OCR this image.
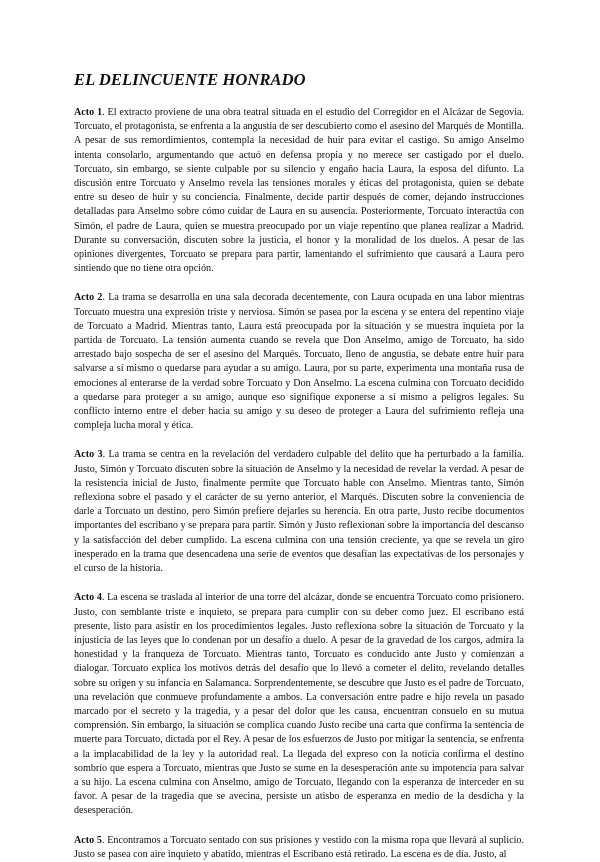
EL DELINCUENTE HONRADO

Acto 1. El extracto proviene de una obra teatral situada en el estudio del Corregidor en el Alcázar de Segovia. Torcuato, el protagonista, se enfrenta a la angustia de ser descubierto como el asesino del Marqués de Montilla. A pesar de sus remordimientos, contempla la necesidad de huir para evitar el castigo. Su amigo Anselmo intenta consolarlo, argumentando que actuó en defensa propia y no merece ser castigado por el duelo. Torcuato, sin embargo, se siente culpable por su silencio y engaño hacia Laura, la esposa del difunto. La discusión entre Torcuato y Anselmo revela las tensiones morales y éticas del protagonista, quien se debate entre su deseo de huir y su conciencia. Finalmente, decide partir después de comer, dejando instrucciones detalladas para Anselmo sobre cómo cuidar de Laura en su ausencia. Posteriormente, Torcuato interactúa con Simón, el padre de Laura, quien se muestra preocupado por un viaje repentino que planea realizar a Madrid. Durante su conversación, discuten sobre la justicia, el honor y la moralidad de los duelos. A pesar de las opiniones divergentes, Torcuato se prepara para partir, lamentando el sufrimiento que causará a Laura pero sintiendo que no tiene otra opción.

Acto 2. La trama se desarrolla en una sala decorada decentemente, con Laura ocupada en una labor mientras Torcuato muestra una expresión triste y nerviosa. Simón se pasea por la escena y se entera del repentino viaje de Torcuato a Madrid. Mientras tanto, Laura está preocupada por la situación y se muestra inquieta por la partida de Torcuato. La tensión aumenta cuando se revela que Don Anselmo, amigo de Torcuato, ha sido arrestado bajo sospecha de ser el asesino del Marqués. Torcuato, lleno de angustia, se debate entre huir para salvarse a sí mismo o quedarse para ayudar a su amigo. Laura, por su parte, experimenta una montaña rusa de emociones al enterarse de la verdad sobre Torcuato y Don Anselmo. La escena culmina con Torcuato decidido a quedarse para proteger a su amigo, aunque eso signifique exponerse a sí mismo a peligros legales. Su conflicto interno entre el deber hacia su amigo y su deseo de proteger a Laura del sufrimiento refleja una compleja lucha moral y ética.

Acto 3. La trama se centra en la revelación del verdadero culpable del delito que ha perturbado a la familia. Justo, Simón y Torcuato discuten sobre la situación de Anselmo y la necesidad de revelar la verdad. A pesar de la resistencia inicial de Justo, finalmente permite que Torcuato hable con Anselmo. Mientras tanto, Simón reflexiona sobre el pasado y el carácter de su yerno anterior, el Marqués. Discuten sobre la conveniencia de darle a Torcuato un destino, pero Simón prefiere dejarles su herencia. En otra parte, Justo recibe documentos importantes del escribano y se prepara para partir. Simón y Justo reflexionan sobre la importancia del descanso y la satisfacción del deber cumplido. La escena culmina con una tensión creciente, ya que se revela un giro inesperado en la trama que desencadena una serie de eventos que desafían las expectativas de los personajes y el curso de la historia.

Acto 4. La escena se traslada al interior de una torre del alcázar, donde se encuentra Torcuato como prisionero. Justo, con semblante triste e inquieto, se prepara para cumplir con su deber como juez. El escribano está presente, listo para asistir en los procedimientos legales. Justo reflexiona sobre la situación de Torcuato y la injusticia de las leyes que lo condenan por un desafío a duelo. A pesar de la gravedad de los cargos, admira la honestidad y la franqueza de Torcuato. Mientras tanto, Torcuato es conducido ante Justo y comienzan a dialogar. Torcuato explica los motivos detrás del desafío que lo llevó a cometer el delito, revelando detalles sobre su origen y su infancia en Salamanca. Sorprendentemente, se descubre que Justo es el padre de Torcuato, una revelación que conmueve profundamente a ambos. La conversación entre padre e hijo revela un pasado marcado por el secreto y la tragedia, y a pesar del dolor que les causa, encuentran consuelo en su mutua comprensión. Sin embargo, la situación se complica cuando Justo recibe una carta que confirma la sentencia de muerte para Torcuato, dictada por el Rey. A pesar de los esfuerzos de Justo por mitigar la sentencia, se enfrenta a la implacabilidad de la ley y la autoridad real. La llegada del expreso con la noticia confirma el destino sombrío que espera a Torcuato, mientras que Justo se sume en la desesperación ante su impotencia para salvar a su hijo. La escena culmina con Anselmo, amigo de Torcuato, llegando con la esperanza de interceder en su favor. A pesar de la tragedia que se avecina, persiste un atisbo de esperanza en medio de la desdicha y la desesperación.

Acto 5. Encontramos a Torcuato sentado con sus prisiones y vestido con la misma ropa que llevará al suplicio. Justo se pasea con aire inquieto y abatido, mientras el Escribano está retirado. La escena es de día. Justo, al
